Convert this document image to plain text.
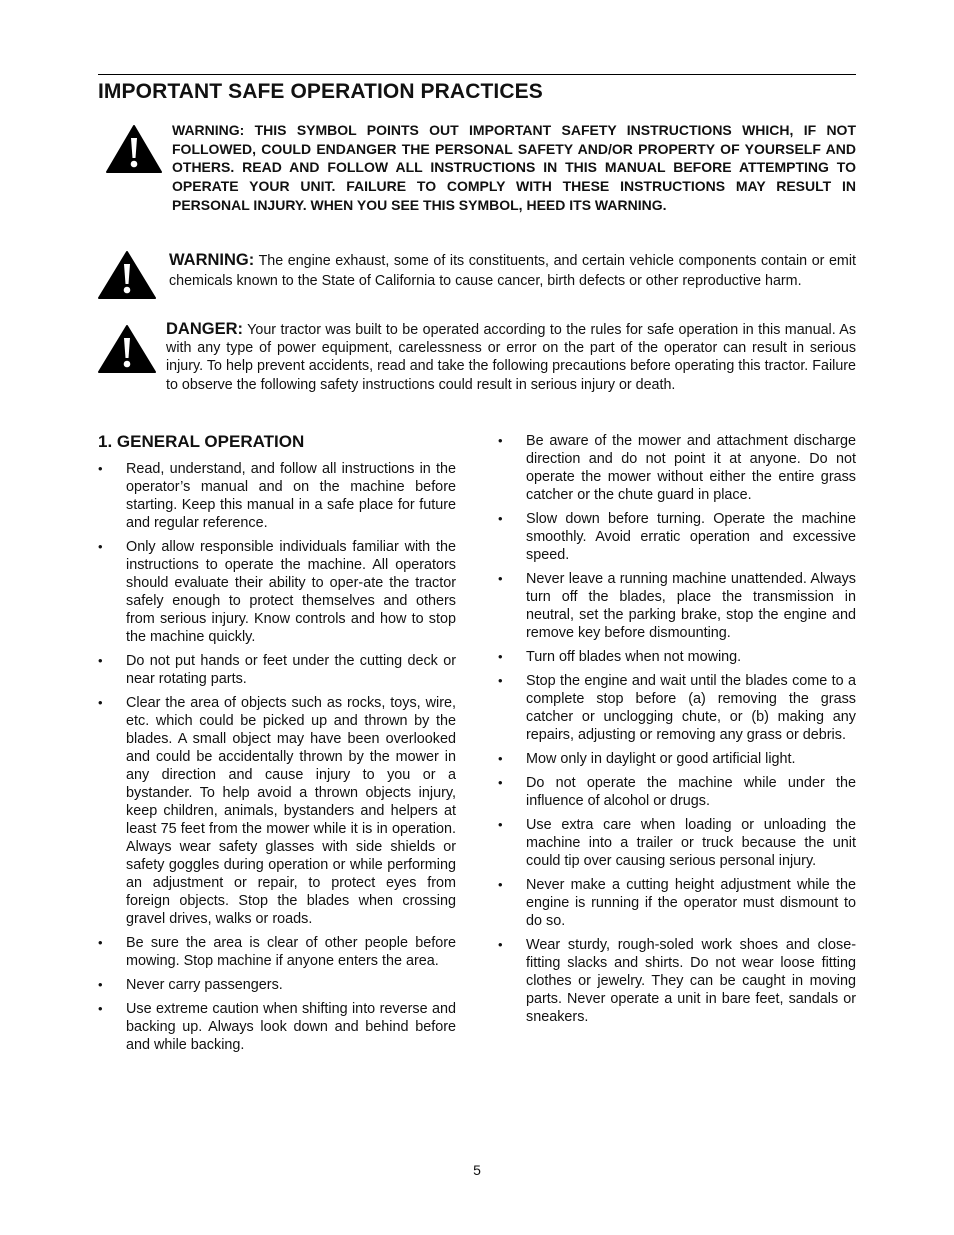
IMPORTANT SAFE OPERATION PRACTICES

WARNING: THIS SYMBOL POINTS OUT IMPORTANT SAFETY INSTRUCTIONS WHICH, IF NOT FOLLOWED, COULD ENDANGER THE PERSONAL SAFETY AND/OR PROPERTY OF YOURSELF AND OTHERS. READ AND FOLLOW ALL INSTRUCTIONS IN THIS MANUAL BEFORE ATTEMPTING TO OPERATE YOUR UNIT. FAILURE TO COMPLY WITH THESE INSTRUCTIONS MAY RESULT IN PERSONAL INJURY. WHEN YOU SEE THIS SYMBOL, HEED ITS WARNING.

WARNING: The engine exhaust, some of its constituents, and certain vehicle components contain or emit chemicals known to the State of California to cause cancer, birth defects or other reproductive harm.

DANGER: Your tractor was built to be operated according to the rules for safe operation in this manual. As with any type of power equipment, carelessness or error on the part of the operator can result in serious injury. To help prevent accidents, read and take the following precautions before operating this tractor. Failure to observe the following safety instructions could result in serious injury or death.

1. GENERAL OPERATION
• Read, understand, and follow all instructions in the operator’s manual and on the machine before starting. Keep this manual in a safe place for future and regular reference.
• Only allow responsible individuals familiar with the instructions to operate the machine. All operators should evaluate their ability to oper-ate the tractor safely enough to protect themselves and others from serious injury. Know controls and how to stop the machine quickly.
• Do not put hands or feet under the cutting deck or near rotating parts.
• Clear the area of objects such as rocks, toys, wire, etc. which could be picked up and thrown by the blades. A small object may have been overlooked and could be accidentally thrown by the mower in any direction and cause injury to you or a bystander. To help avoid a thrown objects injury, keep children, animals, bystanders and helpers at least 75 feet from the mower while it is in operation. Always wear safety glasses with side shields or safety goggles during operation or while performing an adjustment or repair, to protect eyes from foreign objects. Stop the blades when crossing gravel drives, walks or roads.
• Be sure the area is clear of other people before mowing. Stop machine if anyone enters the area.
• Never carry passengers.
• Use extreme caution when shifting into reverse and backing up. Always look down and behind before and while backing.
• Be aware of the mower and attachment discharge direction and do not point it at anyone. Do not operate the mower without either the entire grass catcher or the chute guard in place.
• Slow down before turning. Operate the machine smoothly. Avoid erratic operation and excessive speed.
• Never leave a running machine unattended. Always turn off the blades, place the transmission in neutral, set the parking brake, stop the engine and remove key before dismounting.
• Turn off blades when not mowing.
• Stop the engine and wait until the blades come to a complete stop before (a) removing the grass catcher or unclogging chute, or (b) making any repairs, adjusting or removing any grass or debris.
• Mow only in daylight or good artificial light.
• Do not operate the machine while under the influence of alcohol or drugs.
• Use extra care when loading or unloading the machine into a trailer or truck because the unit could tip over causing serious personal injury.
• Never make a cutting height adjustment while the engine is running if the operator must dismount to do so.
• Wear sturdy, rough-soled work shoes and close-fitting slacks and shirts. Do not wear loose fitting clothes or jewelry. They can be caught in moving parts. Never operate a unit in bare feet, sandals or sneakers.
5
